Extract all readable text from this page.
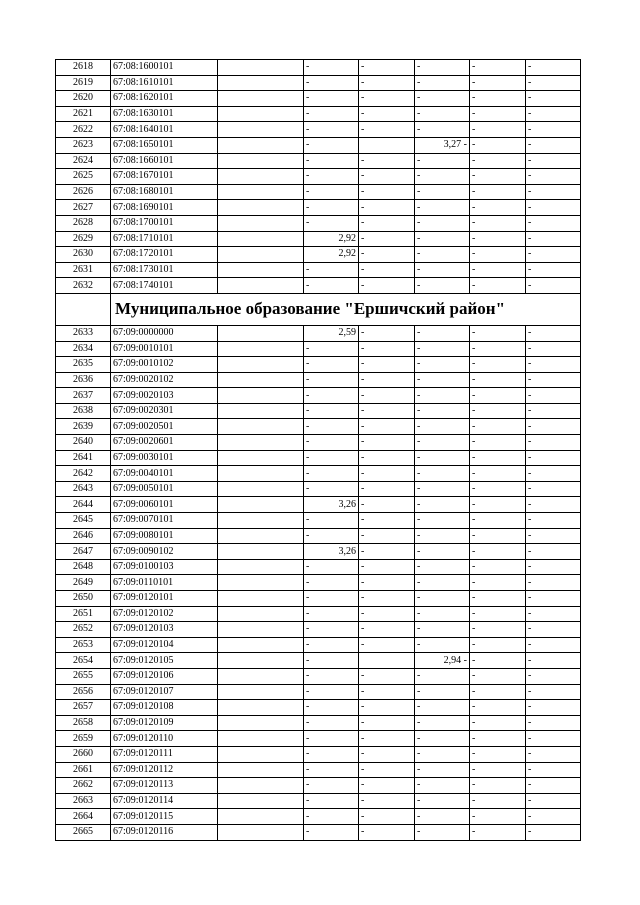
2618	67:08:1600101		-	-	-	-	-
2619	67:08:1610101		-	-	-	-	-
2620	67:08:1620101		-	-	-	-	-
2621	67:08:1630101		-	-	-	-	-
2622	67:08:1640101		-	-	-	-	-
2623	67:08:1650101		-		3,27 -	-	-
2624	67:08:1660101		-	-	-	-	-
2625	67:08:1670101		-	-	-	-	-
2626	67:08:1680101		-	-	-	-	-
2627	67:08:1690101		-	-	-	-	-
2628	67:08:1700101		-	-	-	-	-
2629	67:08:1710101		2,92	-	-	-	-
2630	67:08:1720101		2,92	-	-	-	-
2631	67:08:1730101		-	-	-	-	-
2632	67:08:1740101		-	-	-	-	-
	Муниципальное образование "Ершичский район"						
2633	67:09:0000000		2,59	-	-	-	-
2634	67:09:0010101		-	-	-	-	-
2635	67:09:0010102		-	-	-	-	-
2636	67:09:0020102		-	-	-	-	-
2637	67:09:0020103		-	-	-	-	-
2638	67:09:0020301		-	-	-	-	-
2639	67:09:0020501		-	-	-	-	-
2640	67:09:0020601		-	-	-	-	-
2641	67:09:0030101		-	-	-	-	-
2642	67:09:0040101		-	-	-	-	-
2643	67:09:0050101		-	-	-	-	-
2644	67:09:0060101		3,26	-	-	-	-
2645	67:09:0070101		-	-	-	-	-
2646	67:09:0080101		-	-	-	-	-
2647	67:09:0090102		3,26	-	-	-	-
2648	67:09:0100103		-	-	-	-	-
2649	67:09:0110101		-	-	-	-	-
2650	67:09:0120101		-	-	-	-	-
2651	67:09:0120102		-	-	-	-	-
2652	67:09:0120103		-	-	-	-	-
2653	67:09:0120104		-	-	-	-	-
2654	67:09:0120105		-		2,94 -	-	-
2655	67:09:0120106		-	-	-	-	-
2656	67:09:0120107		-	-	-	-	-
2657	67:09:0120108		-	-	-	-	-
2658	67:09:0120109		-	-	-	-	-
2659	67:09:0120110		-	-	-	-	-
2660	67:09:0120111		-	-	-	-	-
2661	67:09:0120112		-	-	-	-	-
2662	67:09:0120113		-	-	-	-	-
2663	67:09:0120114		-	-	-	-	-
2664	67:09:0120115		-	-	-	-	-
2665	67:09:0120116		-	-	-	-	-
